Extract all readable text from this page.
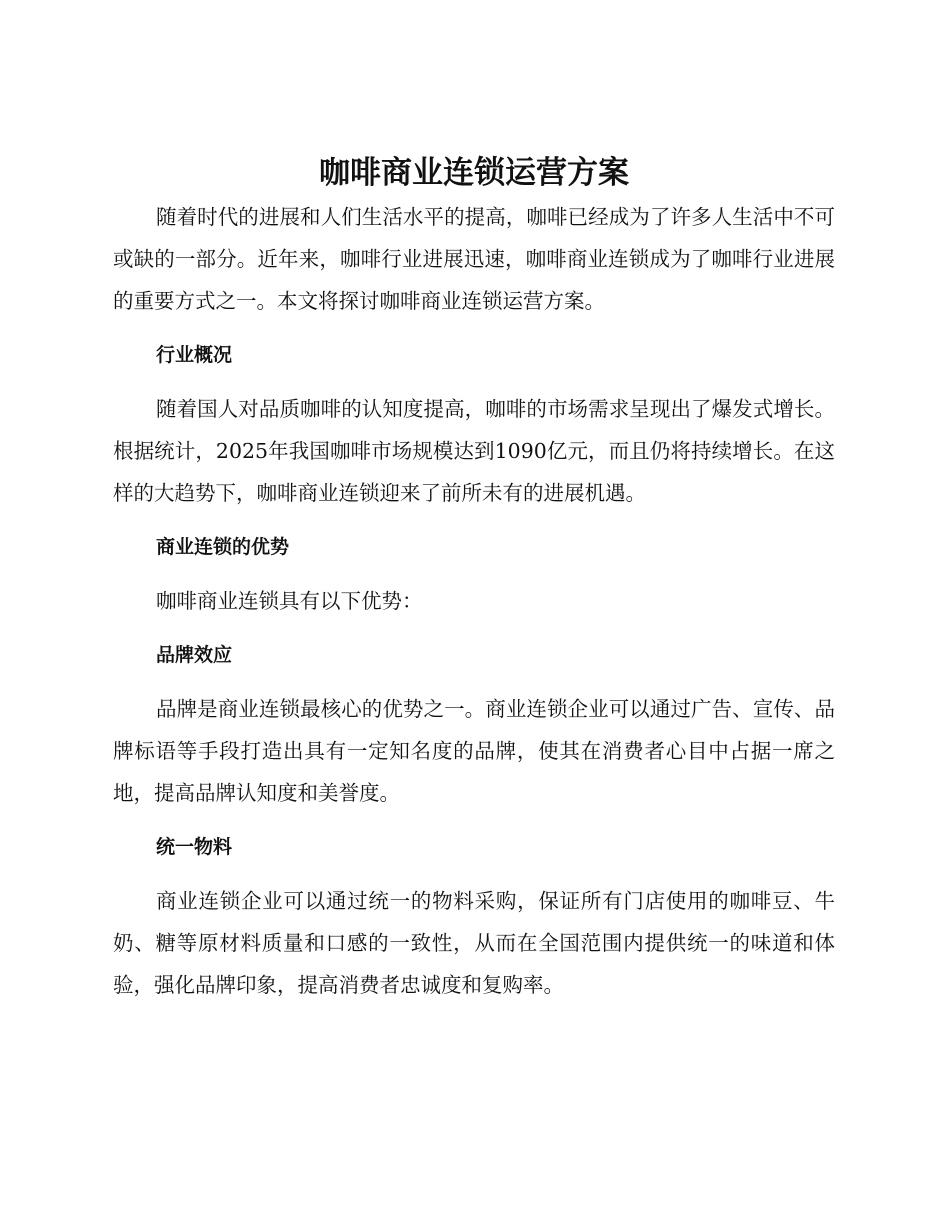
咖啡商业连锁运营方案

随着时代的进展和人们生活水平的提高，咖啡已经成为了许多人生活中不可或缺的一部分。近年来，咖啡行业进展迅速，咖啡商业连锁成为了咖啡行业进展的重要方式之一。本文将探讨咖啡商业连锁运营方案。

行业概况

随着国人对品质咖啡的认知度提高，咖啡的市场需求呈现出了爆发式增长。根据统计，2025年我国咖啡市场规模达到1090亿元，而且仍将持续增长。在这样的大趋势下，咖啡商业连锁迎来了前所未有的进展机遇。

商业连锁的优势

咖啡商业连锁具有以下优势：

品牌效应

品牌是商业连锁最核心的优势之一。商业连锁企业可以通过广告、宣传、品牌标语等手段打造出具有一定知名度的品牌，使其在消费者心目中占据一席之地，提高品牌认知度和美誉度。

统一物料

商业连锁企业可以通过统一的物料采购，保证所有门店使用的咖啡豆、牛奶、糖等原材料质量和口感的一致性，从而在全国范围内提供统一的味道和体验，强化品牌印象，提高消费者忠诚度和复购率。
